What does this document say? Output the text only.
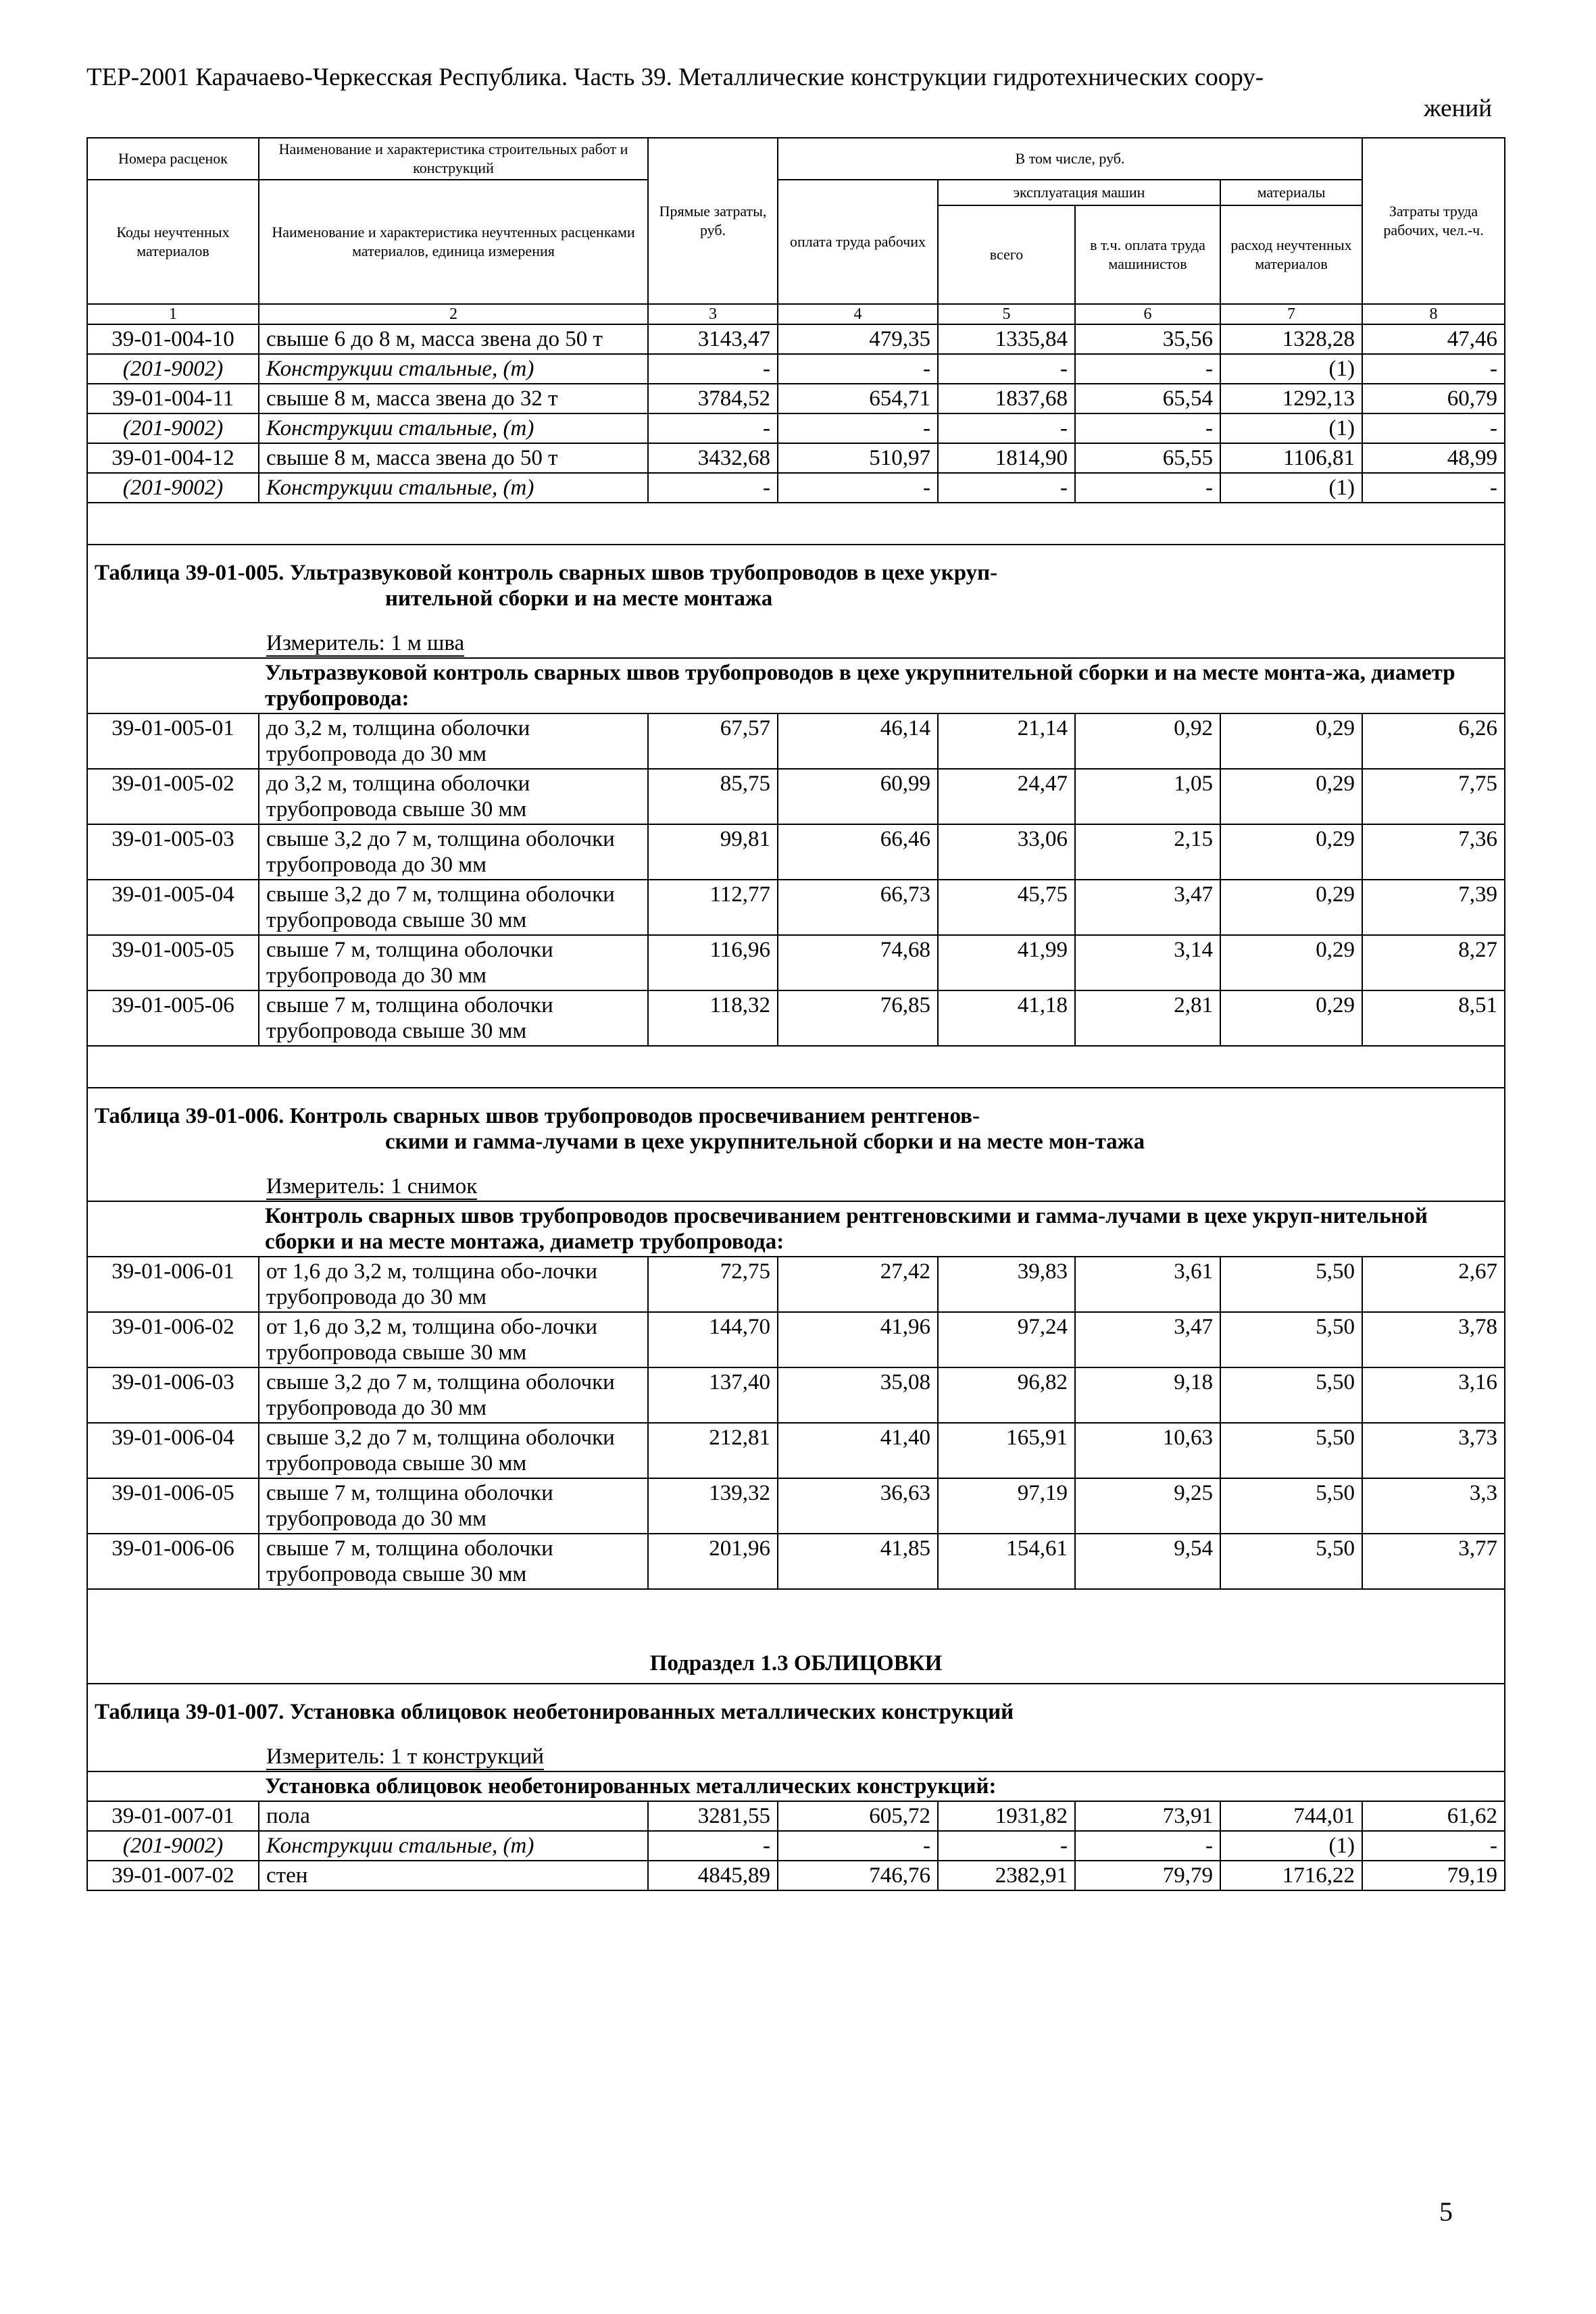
ТЕР-2001 Карачаево-Черкесская Республика. Часть 39. Металлические конструкции гидротехнических соору-
жений
Номера расценок	Наименование и характеристика строительных работ и конструкций	Прямые затраты, руб.	В том числе, руб.				Затраты труда рабочих, чел.-ч.
Коды неучтенных материалов	Наименование и характеристика неучтенных расценками материалов, единица измерения		оплата труда рабочих	эксплуатация машин		материалы	
				всего	в т.ч. оплата труда машинистов	расход неучтенных материалов	
1	2	3	4	5	6	7	8
39-01-004-10	свыше 6 до 8 м, масса звена до 50 т	3143,47	479,35	1335,84	35,56	1328,28	47,46
(201-9002)	Конструкции стальные, (т)	-	-	-	-	(1)	-
39-01-004-11	свыше 8 м, масса звена до 32 т	3784,52	654,71	1837,68	65,54	1292,13	60,79
(201-9002)	Конструкции стальные, (т)	-	-	-	-	(1)	-
39-01-004-12	свыше 8 м, масса звена до 50 т	3432,68	510,97	1814,90	65,55	1106,81	48,99
(201-9002)	Конструкции стальные, (т)	-	-	-	-	(1)	-

Таблица 39-01-005. Ультразвуковой контроль сварных швов трубопроводов в цехе укруп-
нительной сборки и на месте монтажа							

Измеритель: 1 м шва							
Ультразвуковой контроль сварных швов трубопроводов в цехе укрупнительной сборки и на месте монта-жа, диаметр трубопровода:							
39-01-005-01	до 3,2 м, толщина оболочки трубопровода до 30 мм	67,57	46,14	21,14	0,92	0,29	6,26
39-01-005-02	до 3,2 м, толщина оболочки трубопровода свыше 30 мм	85,75	60,99	24,47	1,05	0,29	7,75
39-01-005-03	свыше 3,2 до 7 м, толщина оболочки трубопровода до 30 мм	99,81	66,46	33,06	2,15	0,29	7,36
39-01-005-04	свыше 3,2 до 7 м, толщина оболочки трубопровода свыше 30 мм	112,77	66,73	45,75	3,47	0,29	7,39
39-01-005-05	свыше 7 м, толщина оболочки трубопровода до 30 мм	116,96	74,68	41,99	3,14	0,29	8,27
39-01-005-06	свыше 7 м, толщина оболочки трубопровода свыше 30 мм	118,32	76,85	41,18	2,81	0,29	8,51

Таблица 39-01-006. Контроль сварных швов трубопроводов просвечиванием рентгенов-
скими и гамма-лучами в цехе укрупнительной сборки и на месте мон-тажа							

Измеритель: 1 снимок							
Контроль сварных швов трубопроводов просвечиванием рентгеновскими и гамма-лучами в цехе укруп-нительной сборки и на месте монтажа, диаметр трубопровода:							
39-01-006-01	от 1,6 до 3,2 м, толщина обо-лочки трубопровода до 30 мм	72,75	27,42	39,83	3,61	5,50	2,67
39-01-006-02	от 1,6 до 3,2 м, толщина обо-лочки трубопровода свыше 30 мм	144,70	41,96	97,24	3,47	5,50	3,78
39-01-006-03	свыше 3,2 до 7 м, толщина оболочки трубопровода до 30 мм	137,40	35,08	96,82	9,18	5,50	3,16
39-01-006-04	свыше 3,2 до 7 м, толщина оболочки трубопровода свыше 30 мм	212,81	41,40	165,91	10,63	5,50	3,73
39-01-006-05	свыше 7 м, толщина оболочки трубопровода до 30 мм	139,32	36,63	97,19	9,25	5,50	3,3
39-01-006-06	свыше 7 м, толщина оболочки трубопровода свыше 30 мм	201,96	41,85	154,61	9,54	5,50	3,77

Подраздел 1.3 ОБЛИЦОВКИ							
Таблица 39-01-007. Установка облицовок необетонированных металлических конструкций							
Измеритель: 1 т конструкций							
Установка облицовок необетонированных металлических конструкций:							
39-01-007-01	пола	3281,55	605,72	1931,82	73,91	744,01	61,62
(201-9002)	Конструкции стальные, (т)	-	-	-	-	(1)	-
39-01-007-02	стен	4845,89	746,76	2382,91	79,79	1716,22	79,19
5
